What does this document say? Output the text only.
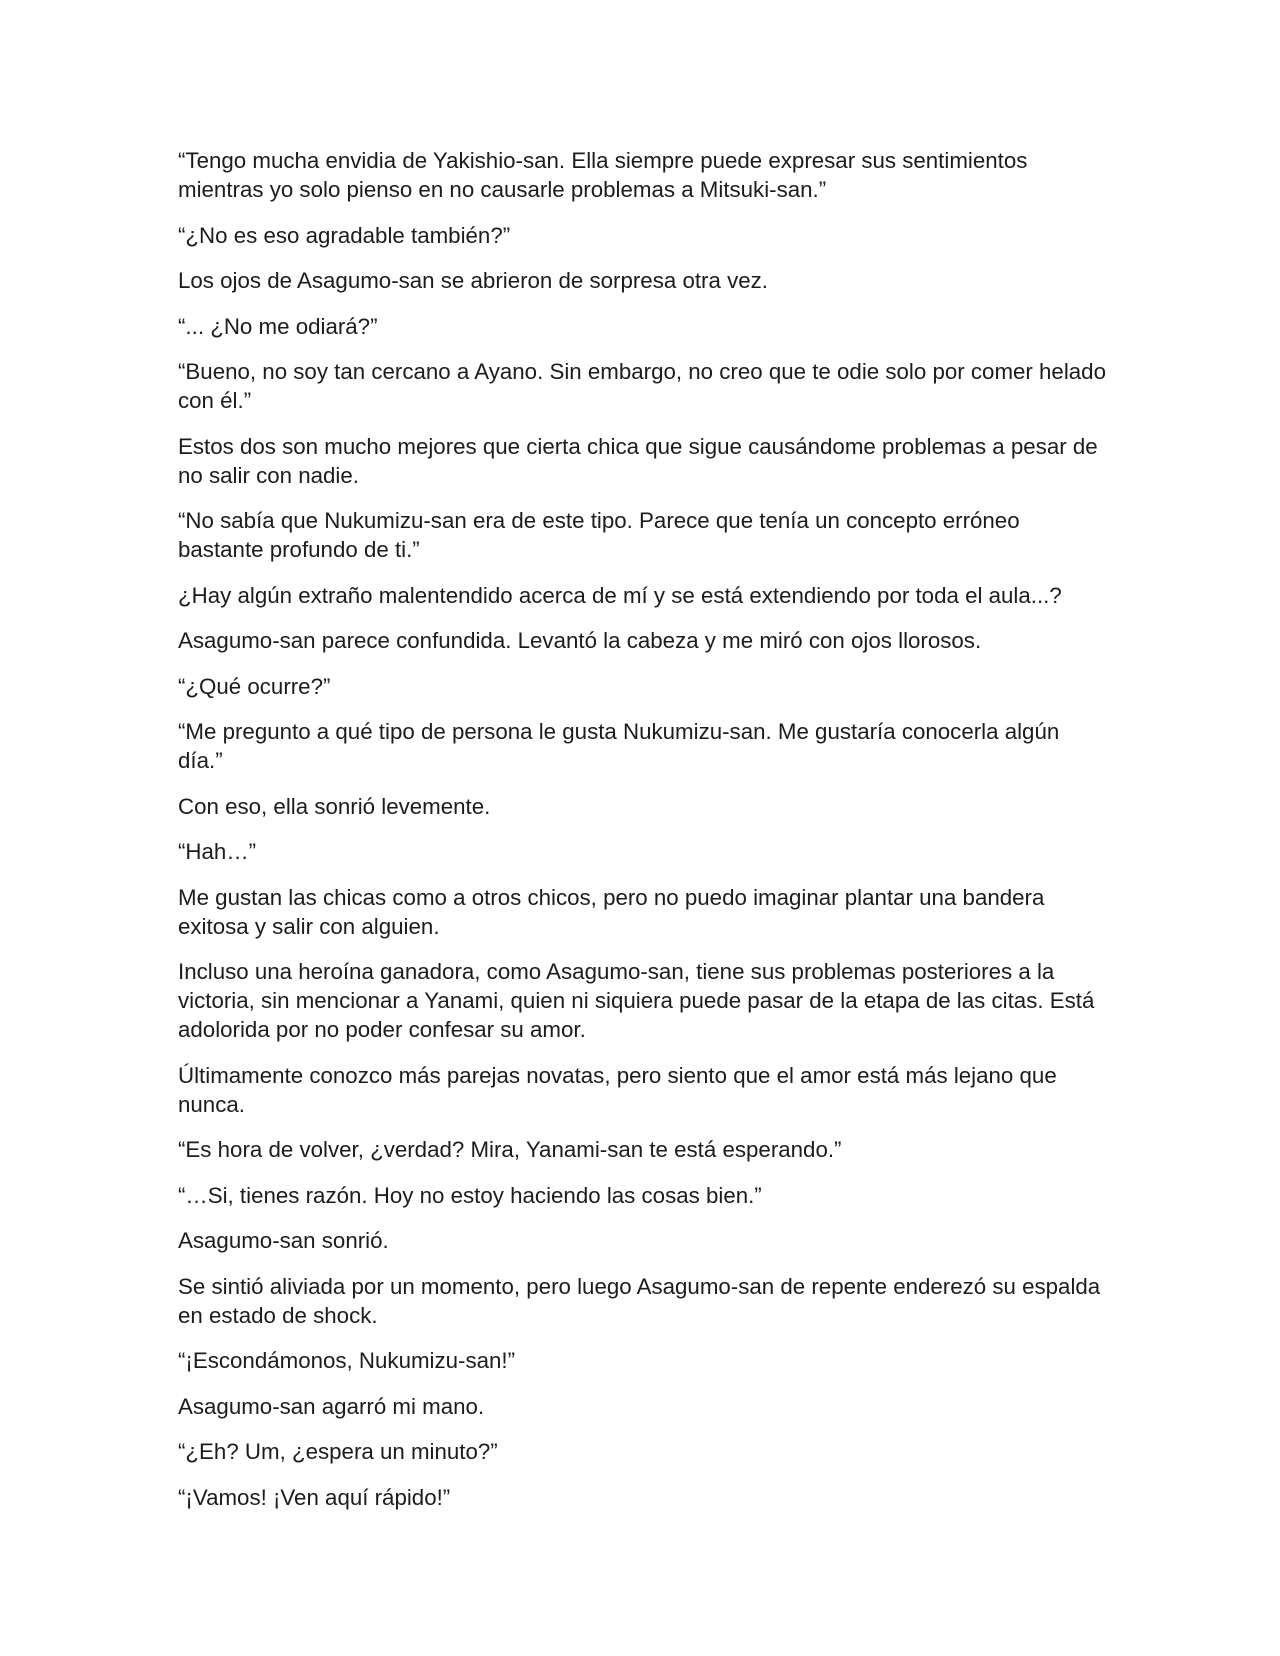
“Tengo mucha envidia de Yakishio-san. Ella siempre puede expresar sus sentimientos mientras yo solo pienso en no causarle problemas a Mitsuki-san.”

“¿No es eso agradable también?”

Los ojos de Asagumo-san se abrieron de sorpresa otra vez.

“... ¿No me odiará?”

“Bueno, no soy tan cercano a Ayano. Sin embargo, no creo que te odie solo por comer helado con él.”

Estos dos son mucho mejores que cierta chica que sigue causándome problemas a pesar de no salir con nadie.

“No sabía que Nukumizu-san era de este tipo. Parece que tenía un concepto erróneo bastante profundo de ti.”

¿Hay algún extraño malentendido acerca de mí y se está extendiendo por toda el aula...?

Asagumo-san parece confundida. Levantó la cabeza y me miró con ojos llorosos.

“¿Qué ocurre?”

“Me pregunto a qué tipo de persona le gusta Nukumizu-san. Me gustaría conocerla algún día.”

Con eso, ella sonrió levemente.

“Hah…”

Me gustan las chicas como a otros chicos, pero no puedo imaginar plantar una bandera exitosa y salir con alguien.

Incluso una heroína ganadora, como Asagumo-san, tiene sus problemas posteriores a la victoria, sin mencionar a Yanami, quien ni siquiera puede pasar de la etapa de las citas. Está adolorida por no poder confesar su amor.

Últimamente conozco más parejas novatas, pero siento que el amor está más lejano que nunca.

“Es hora de volver, ¿verdad? Mira, Yanami-san te está esperando.”

“…Si, tienes razón. Hoy no estoy haciendo las cosas bien.”

Asagumo-san sonrió.

Se sintió aliviada por un momento, pero luego Asagumo-san de repente enderezó su espalda en estado de shock.

“¡Escondámonos, Nukumizu-san!”

Asagumo-san agarró mi mano.

“¿Eh? Um, ¿espera un minuto?”

“¡Vamos! ¡Ven aquí rápido!”
